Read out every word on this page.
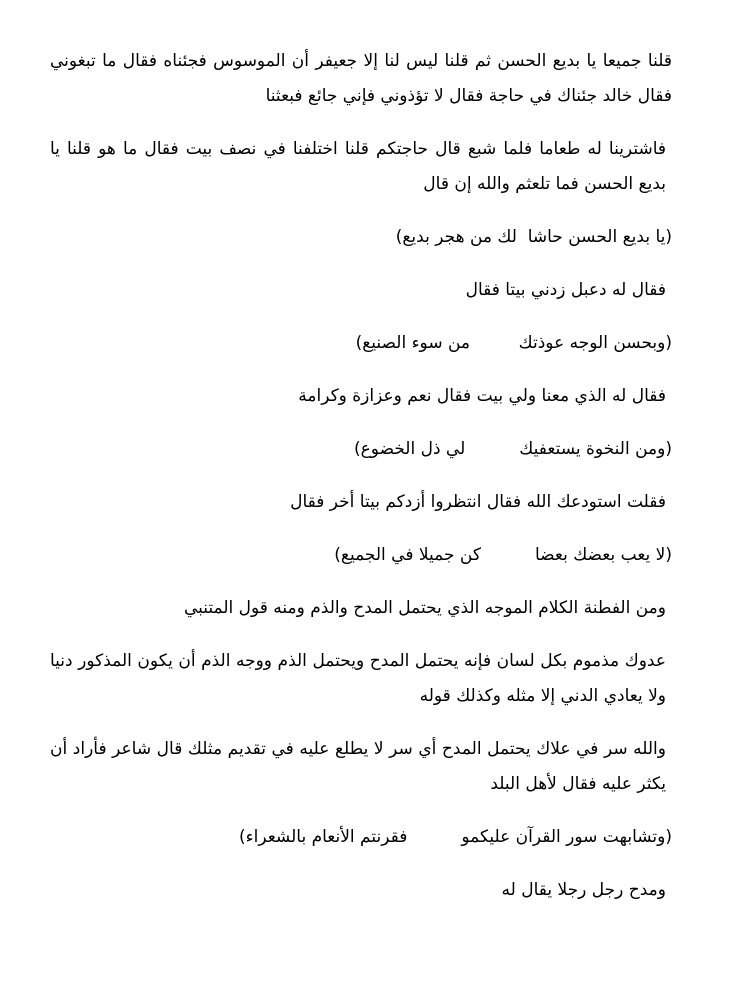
قلنا جميعا يا بديع الحسن ثم قلنا ليس لنا إلا جعيفر أن الموسوس فجئناه فقال ما تبغوني فقال خالد جئناك في حاجة فقال لا تؤذوني فإني جائع فبعثنا

فاشترينا له طعاما فلما شبع قال حاجتكم قلنا اختلفنا في نصف بيت فقال ما هو قلنا يا بديع الحسن فما تلعثم والله إن قال

(يا بديع الحسن حاشا  لك من هجر بديع)

فقال له دعبل زدني بيتا فقال

(وبحسن الوجه عوذتك         من سوء الصنيع)

فقال له الذي معنا ولي بيت فقال نعم وعزازة وكرامة

(ومن النخوة يستعفيك          لي ذل الخضوع)

فقلت استودعك الله فقال انتظروا أزدكم بيتا أخر فقال

(لا يعب بعضك بعضا          كن جميلا في الجميع)

ومن الفطنة الكلام الموجه الذي يحتمل المدح والذم ومنه قول المتنبي

عدوك مذموم بكل لسان فإنه يحتمل المدح ويحتمل الذم ووجه الذم أن يكون المذكور دنيا ولا يعادي الدني إلا مثله وكذلك قوله

والله سر في علاك يحتمل المدح أي سر لا يطلع عليه في تقديم مثلك قال شاعر فأراد أن يكثر عليه فقال لأهل البلد

(وتشابهت سور القرآن عليكمو          فقرنتم الأنعام بالشعراء)

ومدح رجل رجلا يقال له
